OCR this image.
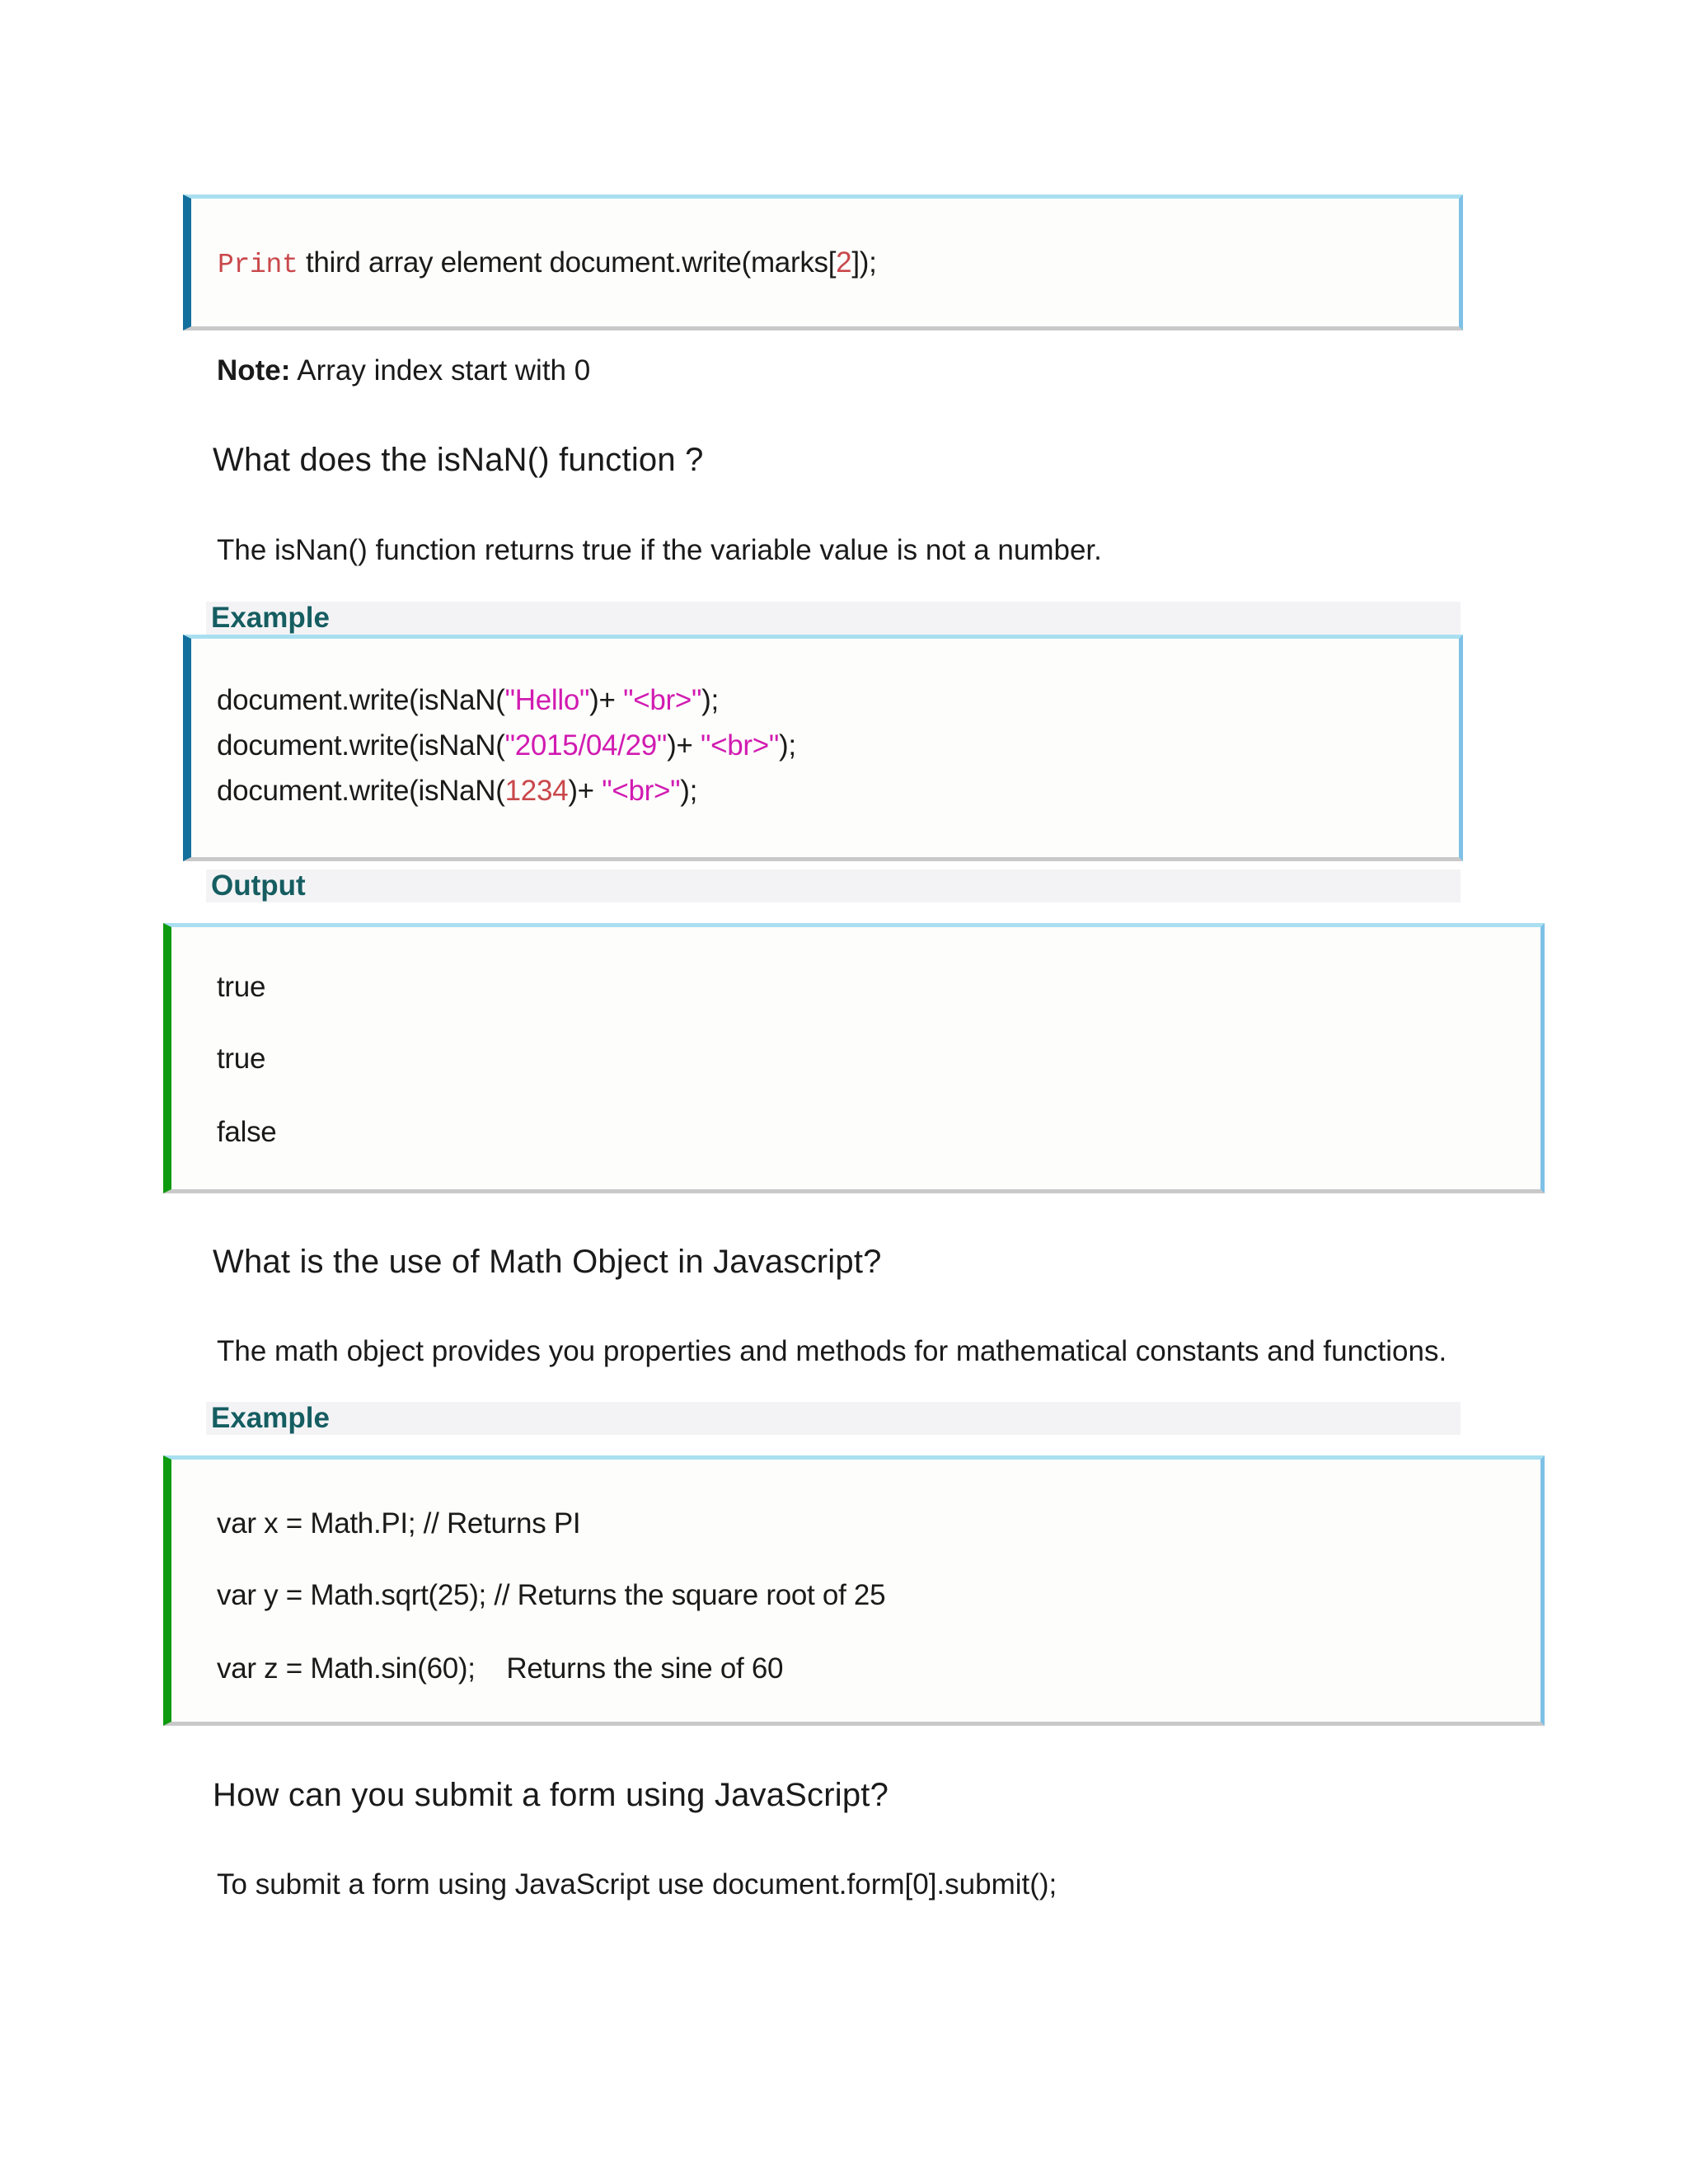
Print third array element document.write(marks[2]);
Note: Array index start with 0
What does the isNaN() function ?
The isNan() function returns true if the variable value is not a number.
Example
document.write(isNaN("Hello")+ "<br>");
document.write(isNaN("2015/04/29")+ "<br>");
document.write(isNaN(1234)+ "<br>");
Output
true
true
false
What is the use of Math Object in Javascript?
The math object provides you properties and methods for mathematical constants and functions.
Example
var x = Math.PI; // Returns PI
var y = Math.sqrt(25); // Returns the square root of 25
var z = Math.sin(60);    Returns the sine of 60
How can you submit a form using JavaScript?
To submit a form using JavaScript use document.form[0].submit();
